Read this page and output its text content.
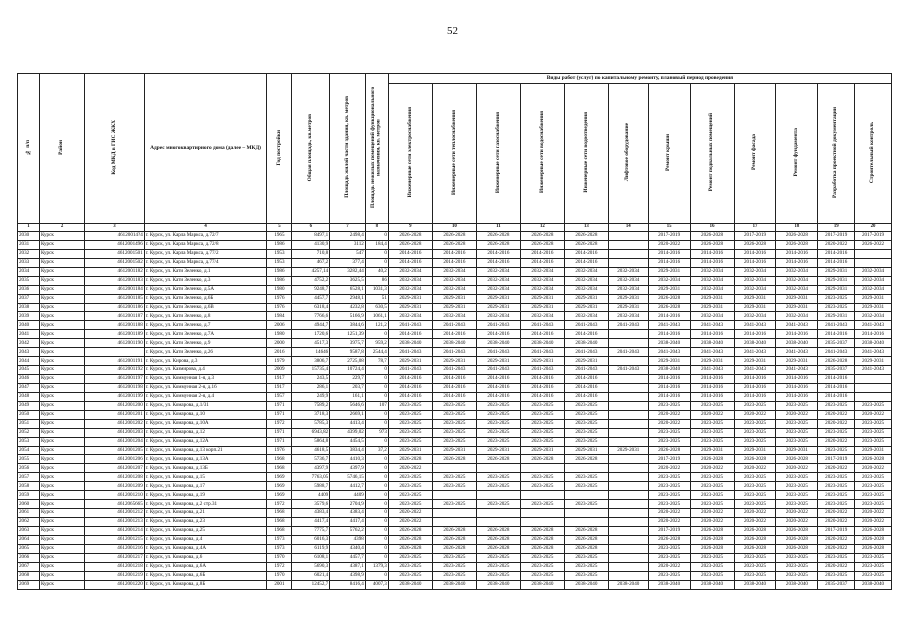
52
№ п/п	Район	Код МКД в ГИС ЖКХ	Адрес многоквартирного дома (далее – МКД)	Год постройки	Общая площадь, кв.метров	Площадь жилой части здания, кв. метров	Площадь нежилых помещений функционального назначения, кв. метров	Виды работ (услуг) по капитальному ремонту, плановый период проведения											
								Инженерные сети электроснабжения	Инженерные сети теплоснабжения	Инженерные сети газоснабжения	Инженерные сети водоснабжения	Инженерные сети водоотведения	Лифтовое оборудование	Ремонт крыши	Ремонт подвальных помещений	Ремонт фасада	Ремонт фундамента	Разработка проектной документации	Строительный контроль
1	2	3	4	5	6	7	8	9	10	11	12	13	14	15	16	17	18	19	20
2030	Курск	46120014?4	г. Курск, ул. Карла Маркса, д.72/7	1965	8497,1	2498,4	0	2026-2028	2026-2028	2026-2028	2026-2028	2026-2028		2017-2019	2026-2028	2017-2019	2026-2028	2017-2019	2017-2019
2031	Курск	4612001496	г. Курск, ул. Карла Маркса, д.72/8	1986	4130,9	3112	184,4	2026-2028	2026-2028	2026-2028	2026-2028	2026-2028		2020-2022	2026-2028	2026-2028	2026-2028	2020-2022	2026-2022
2032	Курск	4612001501	г. Курск, ул. Карла Маркса, д.77/2	1953	710,8	547	0	2014-2016	2014-2016	2014-2016	2014-2016	2014-2016		2014-2016	2014-2016	2014-2016	2014-2016	2014-2016	
2033	Курск	4612001502	г. Курск, ул. Карла Маркса, д.77/4	1953	467,2	377,4	0	2014-2016	2014-2016	2014-2016	2014-2016	2014-2016		2014-2016	2014-2016	2014-2016	2014-2016	2014-2016	
2034	Курск	4612001182	г. Курск, ул. Кати Зеленко, д.1	1986	4257,14	3282,44	40,2	2032-2034	2032-2034	2032-2034	2032-2034	2032-2034	2032-2034	2029-2031	2032-2034	2032-2034	2032-2034	2029-2031	2032-2034
2035	Курск	4612001183	г. Курск, ул. Кати Зеленко, д.3	1986	4752,2	3625,5	86	2032-2034	2032-2034	2032-2034	2032-2034	2032-2034	2032-2034	2032-2034	2032-2034	2032-2034	2032-2034	2029-2031	2032-2034
2036	Курск	4612001184	г. Курск, ул. Кати Зеленко, д.5А	1980	9248,7	6528,1	1031,3	2032-2034	2032-2034	2032-2034	2032-2034	2032-2034	2032-2034	2029-2031	2032-2034	2032-2034	2032-2034	2029-2031	2032-2034
2037	Курск	4612001185	г. Курск, ул. Кати Зеленко, д.6Б	1976	4457,7	2948,1	51	2029-2031	2029-2031	2029-2031	2029-2031	2029-2031	2029-2031	2026-2028	2029-2031	2029-2031	2029-2031	2023-2025	2029-2031
2038	Курск	4612001186	г. Курск, ул. Кати Зеленко, д.6В	1976	6318,4	4232,8	630,5	2029-2031	2029-2031	2029-2031	2029-2031	2029-2031	2029-2031	2026-2028	2029-2031	2029-2031	2029-2031	2023-2025	2029-2031
2039	Курск	4612001187	г. Курск, ул. Кати Зеленко, д.8	1984	7766,6	5166,9	1061,1	2032-2034	2032-2034	2032-2034	2032-2034	2032-2034	2032-2034	2014-2016	2032-2034	2032-2034	2032-2034	2029-2031	2032-2034
2040	Курск	4612001188	г. Курск, ул. Кати Зеленко, д.7	2006	4944,7	3844,6	121,2	2041-2043	2041-2043	2041-2043	2041-2043	2041-2043	2041-2043	2041-2043	2041-2043	2041-2043	2041-2043	2041-2043	2041-2043
2041	Курск	4612001189	г. Курск, ул. Кати Зеленко, д.7А	1980	1720,6	1251,39	0	2014-2016	2014-2016	2014-2016	2014-2016	2014-2016		2014-2016	2014-2016	2014-2016	2014-2016	2014-2016	2014-2016
2042	Курск	4612001190	г. Курск, ул. Кати Зеленко, д.9	2000	4517,3	3975,7	959,2	2038-2040	2038-2040	2038-2040	2038-2040	2038-2040		2038-2040	2038-2040	2038-2040	2038-2040	2035-2037	2038-2040
2043	Курск		г. Курск, ул. Кати Зеленко, д.26	2016	14646	9587,8	2544,4	2041-2043	2041-2043	2041-2043	2041-2043	2041-2043	2041-2043	2041-2043	2041-2043	2041-2043	2041-2043	2041-2043	2041-2043
2044	Курск	4612001191	г. Курск, ул. Кирова, д.3	1979	3806,7	2725,08	78,7	2029-2031	2029-2031	2029-2031	2029-2031	2029-2031		2029-2031	2029-2031	2029-2031	2029-2031	2026-2028	2029-2031
2045	Курск	4612001192	г. Курск, ул. Казмирова, д.4	2009	15735,4	10724,4	0	2041-2043	2041-2043	2041-2043	2041-2043	2041-2043	2041-2043	2038-2040	2041-2043	2041-2043	2041-2043	2035-2037	2041-2043
2046	Курск	4612001197	г. Курск, ул. Коммунная 1-я, д.3	1917	243,5	229,7	0	2014-2016	2014-2016	2014-2016	2014-2016	2014-2016		2014-2016	2014-2016	2014-2016	2014-2016	2014-2016	
2047	Курск	4612001198	г. Курск, ул. Коммунная 2-я, д.16	1917	286,1	203,7	0	2014-2016	2014-2016	2014-2016	2014-2016	2014-2016		2014-2016	2014-2016	2014-2016	2014-2016	2014-2016	
2048	Курск	4612001199	г. Курск, ул. Коммунная 2-я, д.4	1957	249,9	161,1	0	2014-2016	2014-2016	2014-2016	2014-2016	2014-2016		2014-2016	2014-2016	2014-2016	2014-2016	2014-2016	
2049	Курск	4612001200	г. Курск, ул. Комарова, д.1/31	1971	7589,2	5646,6	107	2023-2025	2023-2025	2023-2025	2023-2025	2023-2025		2023-2025	2023-2025	2023-2025	2023-2025	2023-2025	2023-2025
2050	Курск	4612001201	г. Курск, ул. Комарова, д.10	1971	3718,3	2669,1	0	2023-2025	2023-2025	2023-2025	2023-2025	2023-2025		2020-2022	2020-2022	2020-2022	2020-2022	2020-2022	2020-2022
2051	Курск	4612001202	г. Курск, ул. Комарова, д.10А	1972	5785,3	4413,4	0	2023-2025	2023-2025	2023-2025	2023-2025	2023-2025		2020-2022	2023-2025	2023-2025	2023-2025	2020-2022	2023-2025
2052	Курск	4612001203	г. Курск, ул. Комарова, д.12	1971	6943,82	4399,02	973	2023-2025	2023-2025	2023-2025	2023-2025	2023-2025		2023-2025	2023-2025	2023-2025	2023-2025	2023-2025	2023-2025
2053	Курск	4612001204	г. Курск, ул. Комарова, д.12А	1971	5864,8	4454,5	0	2023-2025	2023-2025	2023-2025	2023-2025	2023-2025		2023-2025	2023-2025	2023-2025	2023-2025	2020-2022	2023-2025
2054	Курск	4612001205	г. Курск, ул. Комарова, д.13 корп.21	1976	4618,5	3834,4	37,2	2029-2031	2029-2031	2029-2031	2029-2031	2029-2031	2029-2031	2026-2028	2029-2031	2029-2031	2029-2031	2023-2025	2029-2031
2055	Курск	4612001206	г. Курск, ул. Комарова, д.13А	1968	5736,7	4410,3	0	2026-2028	2026-2028	2026-2028	2026-2028	2026-2028		2017-2019	2026-2028	2026-2028	2026-2028	2017-2019	2026-2028
2056	Курск	4612001207	г. Курск, ул. Комарова, д.13Б	1968	4397,9	4397,9	0	2020-2022						2020-2022	2020-2022	2020-2022	2020-2022	2020-2022	2020-2022
2057	Курск	4612001208	г. Курск, ул. Комарова, д.15	1969	7763,05	5746,15	0	2023-2025	2023-2025	2023-2025	2023-2025	2023-2025		2023-2025	2023-2025	2023-2025	2023-2025	2023-2025	2023-2025
2058	Курск	4612001209	г. Курск, ул. Комарова, д.17	1969	5988,7	4412,7	0	2023-2025	2023-2025	2023-2025	2023-2025	2023-2025		2023-2025	2023-2025	2023-2025	2023-2025	2023-2025	2023-2025
2059	Курск	4612001210	г. Курск, ул. Комарова, д.19	1969	4409	4409	0	2023-2025						2023-2025	2023-2025	2023-2025	2023-2025	2023-2025	2023-2025
2060	Курск	4612065665	г. Курск, ул. Комарова, д.2 стр.31	1972	3579,6	2704,9	0	2023-2025	2023-2025	2023-2025	2023-2025	2023-2025		2023-2025	2023-2025	2023-2025	2023-2025	2023-2025	2023-2025
2061	Курск	4612001212	г. Курск, ул. Комарова, д.21	1968	4383,4	4383,4	0	2020-2022						2020-2022	2020-2022	2020-2022	2020-2022	2020-2022	2020-2022
2062	Курск	4612001213	г. Курск, ул. Комарова, д.23	1968	4417,4	4417,4	0	2020-2022						2020-2022	2020-2022	2020-2022	2020-2022	2020-2022	2020-2022
2063	Курск	4612001214	г. Курск, ул. Комарова, д.25	1968	7775,7	5762,2	0	2026-2028	2026-2028	2026-2028	2026-2028	2026-2028		2017-2019	2026-2028	2026-2028	2026-2028	2017-2019	2026-2028
2064	Курск	4612001215	г. Курск, ул. Комарова, д.4	1973	6016,3	4398	0	2026-2028	2026-2028	2026-2028	2026-2028	2026-2028		2026-2028	2026-2028	2026-2028	2026-2028	2020-2022	2026-2028
2065	Курск	4612001216	г. Курск, ул. Комарова, д.4А	1973	6119,9	4340,4	0	2026-2028	2026-2028	2026-2028	2026-2028	2026-2028		2023-2025	2026-2028	2026-2028	2026-2028	2020-2022	2026-2028
2066	Курск	4612001217	г. Курск, ул. Комарова, д.6	1970	6108,1	4457,7	0	2023-2025	2023-2025	2023-2025	2023-2025	2023-2025		2023-2025	2023-2025	2023-2025	2023-2025	2023-2025	2023-2025
2067	Курск	4612001218	г. Курск, ул. Комарова, д.6А	1972	5690,3	4387,1	1379,3	2023-2025	2023-2025	2023-2025	2023-2025	2023-2025		2020-2022	2023-2025	2023-2025	2023-2025	2020-2022	2023-2025
2068	Курск	4612001219	г. Курск, ул. Комарова, д.6Б	1970	6021,4	4398,9	0	2023-2025	2023-2025	2023-2025	2023-2025	2023-2025		2023-2025	2023-2025	2023-2025	2023-2025	2023-2025	2023-2025
2069	Курск	4612001220	г. Курск, ул. Комарова, д.8Б	2001	12452,7	8416,4	4007,3	2038-2040	2038-2040	2038-2040	2038-2040	2038-2040	2038-2040	2038-2040	2038-2040	2038-2040	2038-2040	2035-2037	2038-2040
